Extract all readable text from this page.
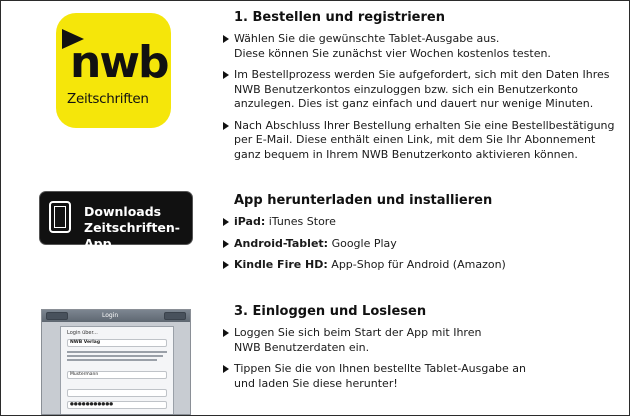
nwb
Zeitschriften
Downloads
Zeitschriften-App
Login
Login über...
NWB Verlag
Mustermann
●●●●●●●●●●●
1. Bestellen und registrieren
Wählen Sie die gewünschte Tablet-Ausgabe aus.
Diese können Sie zunächst vier Wochen kostenlos testen.
Im Bestellprozess werden Sie aufgefordert, sich mit den Daten Ihres
NWB Benutzerkontos einzuloggen bzw. sich ein Benutzerkonto
anzulegen. Dies ist ganz einfach und dauert nur wenige Minuten.
Nach Abschluss Ihrer Bestellung erhalten Sie eine Bestellbestätigung
per E-Mail. Diese enthält einen Link, mit dem Sie Ihr Abonnement
ganz bequem in Ihrem NWB Benutzerkonto aktivieren können.
App herunterladen und installieren
iPad: iTunes Store
Android-Tablet: Google Play
Kindle Fire HD: App-Shop für Android (Amazon)
3. Einloggen und Loslesen
Loggen Sie sich beim Start der App mit Ihren
NWB Benutzerdaten ein.
Tippen Sie die von Ihnen bestellte Tablet-Ausgabe an
und laden Sie diese herunter!
